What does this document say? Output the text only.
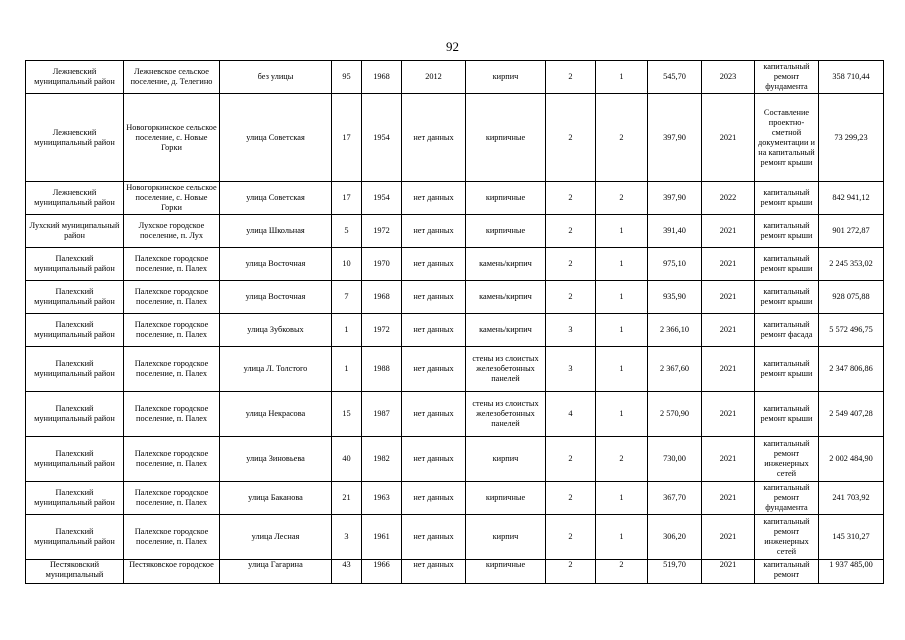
92
Лежневский муниципальный район	Лежневское сельское поселение, д. Телегино	без улицы	95	1968	2012	кирпич	2	1	545,70	2023	капитальный ремонт фундамента	358 710,44
Лежневский муниципальный район	Новогоркинское сельское поселение, с. Новые Горки	улица Советская	17	1954	нет данных	кирпичные	2	2	397,90	2021	Составление проектно-сметной документации и на капитальный ремонт крыши	73 299,23
Лежневский муниципальный район	Новогоркинское сельское поселение, с. Новые Горки	улица Советская	17	1954	нет данных	кирпичные	2	2	397,90	2022	капитальный ремонт крыши	842 941,12
Лухский муниципальный район	Лухское городское поселение, п. Лух	улица Школьная	5	1972	нет данных	кирпичные	2	1	391,40	2021	капитальный ремонт крыши	901 272,87
Палехский муниципальный район	Палехское городское поселение, п. Палех	улица Восточная	10	1970	нет данных	камень/кирпич	2	1	975,10	2021	капитальный ремонт крыши	2 245 353,02
Палехский муниципальный район	Палехское городское поселение, п. Палех	улица Восточная	7	1968	нет данных	камень/кирпич	2	1	935,90	2021	капитальный ремонт крыши	928 075,88
Палехский муниципальный район	Палехское городское поселение, п. Палех	улица Зубковых	1	1972	нет данных	камень/кирпич	3	1	2 366,10	2021	капитальный ремонт фасада	5 572 496,75
Палехский муниципальный район	Палехское городское поселение, п. Палех	улица Л. Толстого	1	1988	нет данных	стены из слоистых железобетонных панелей	3	1	2 367,60	2021	капитальный ремонт крыши	2 347 806,86
Палехский муниципальный район	Палехское городское поселение, п. Палех	улица Некрасова	15	1987	нет данных	стены из слоистых железобетонных панелей	4	1	2 570,90	2021	капитальный ремонт крыши	2 549 407,28
Палехский муниципальный район	Палехское городское поселение, п. Палех	улица Зиновьева	40	1982	нет данных	кирпич	2	2	730,00	2021	капитальный ремонт инженерных сетей	2 002 484,90
Палехский муниципальный район	Палехское городское поселение, п. Палех	улица Баканова	21	1963	нет данных	кирпичные	2	1	367,70	2021	капитальный ремонт фундамента	241 703,92
Палехский муниципальный район	Палехское городское поселение, п. Палех	улица Лесная	3	1961	нет данных	кирпич	2	1	306,20	2021	капитальный ремонт инженерных сетей	145 310,27
Пестяковский муниципальный	Пестяковское городское	улица Гагарина	43	1966	нет данных	кирпичные	2	2	519,70	2021	капитальный ремонт	1 937 485,00
